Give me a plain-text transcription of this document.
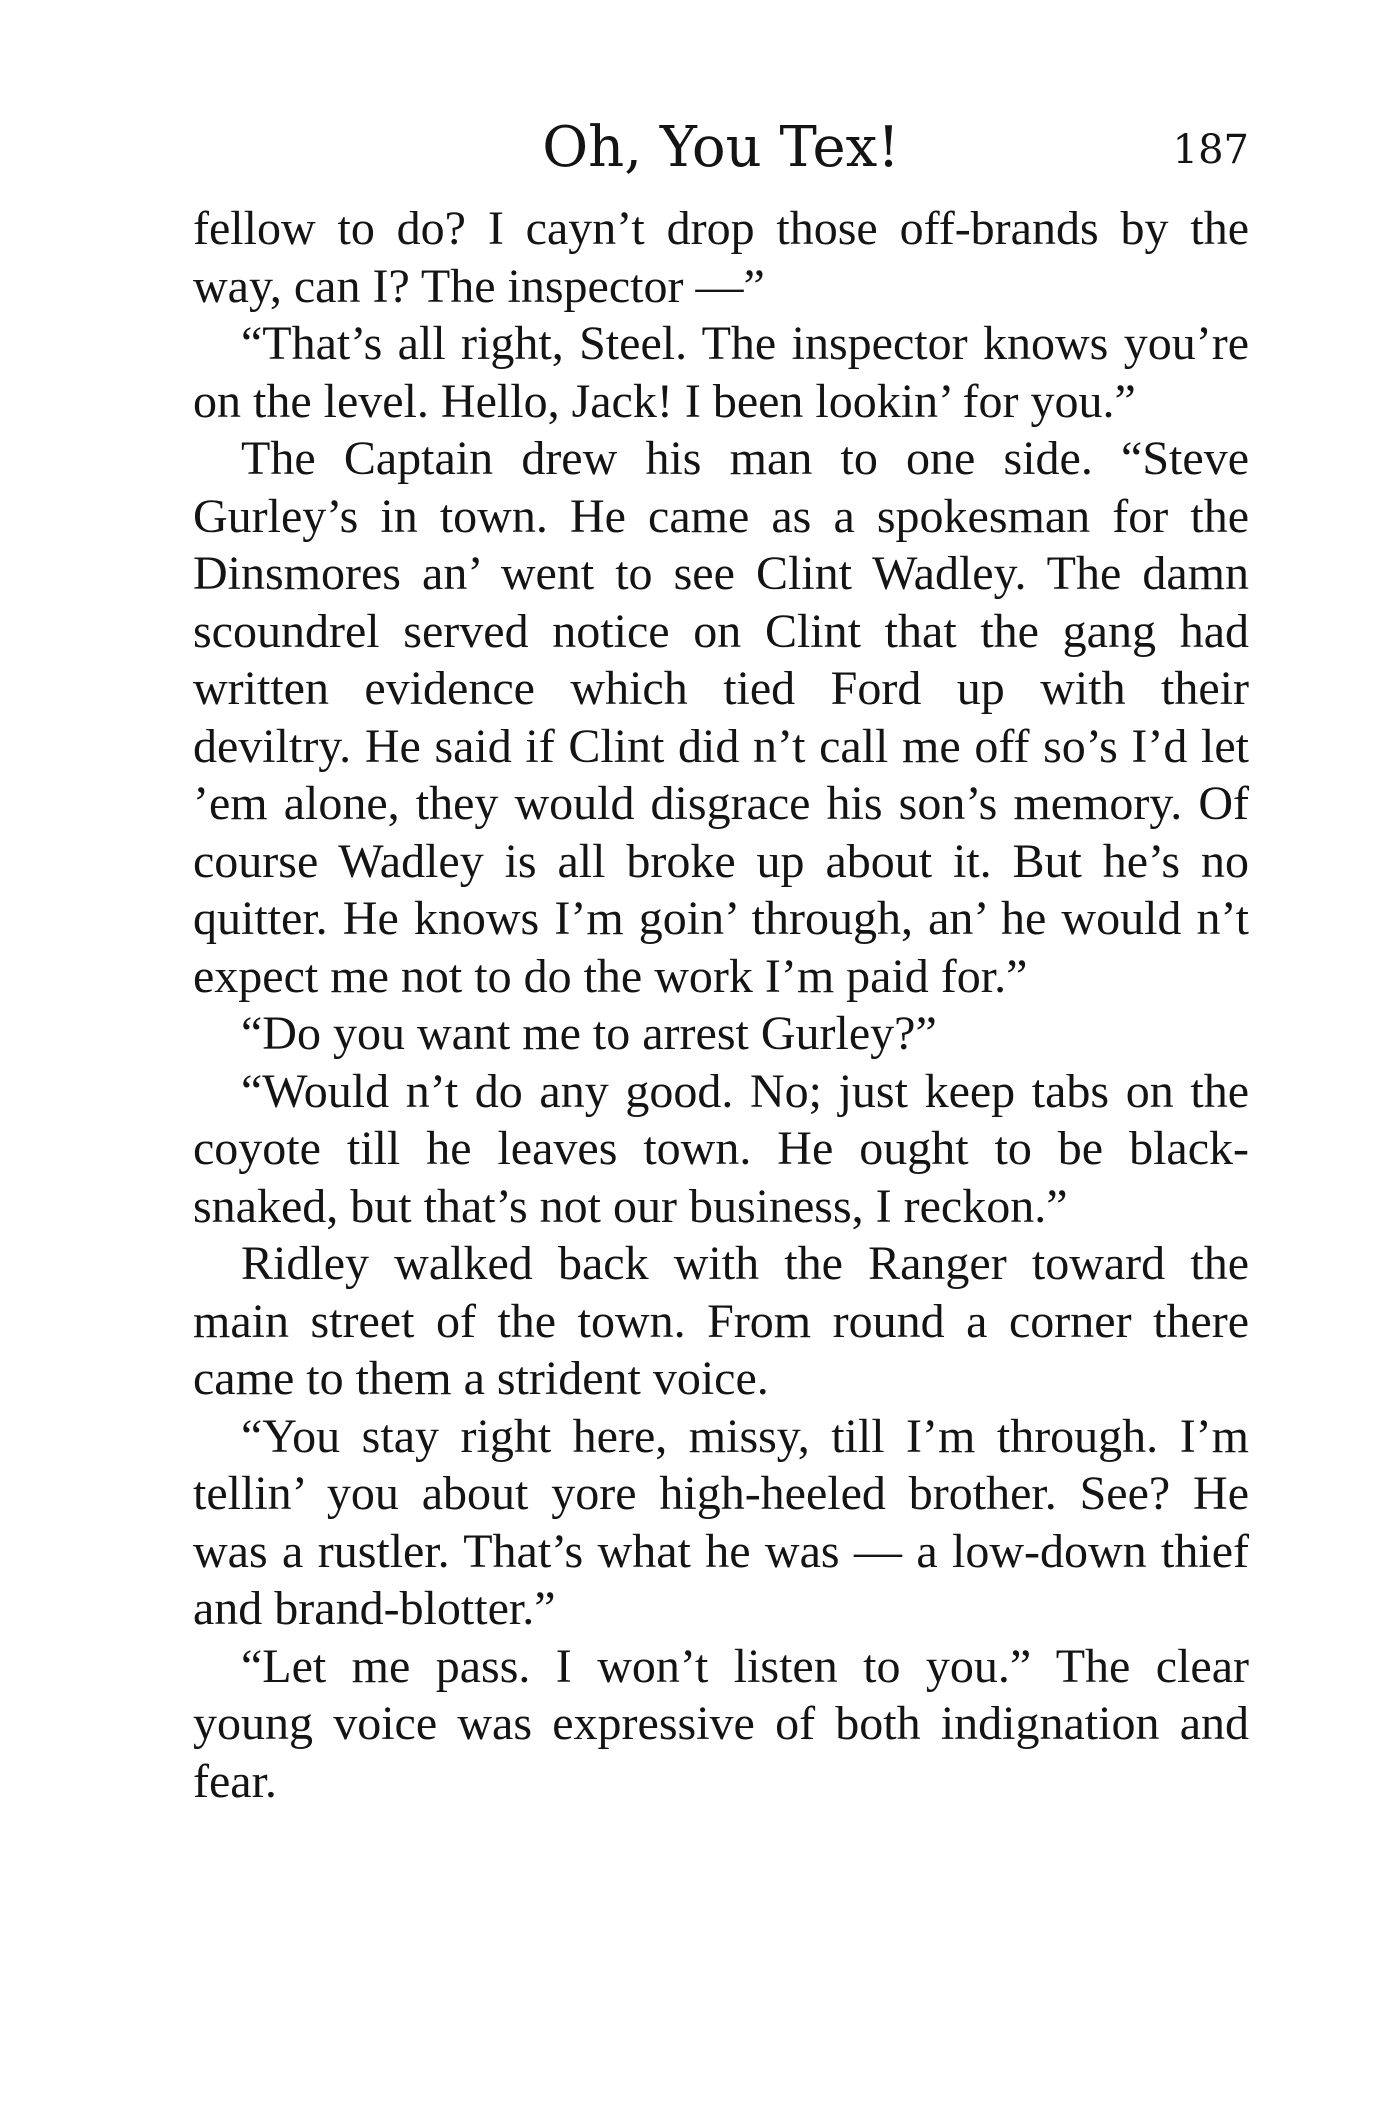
Oh, You Tex!	187

fellow to do? I cayn’t drop those off-brands by the way, can I? The inspector —”

“That’s all right, Steel. The inspector knows you’re on the level. Hello, Jack! I been lookin’ for you.”

The Captain drew his man to one side. “Steve Gurley’s in town. He came as a spokesman for the Dinsmores an’ went to see Clint Wadley. The damn scoundrel served notice on Clint that the gang had written evidence which tied Ford up with their deviltry. He said if Clint did n’t call me off so’s I’d let ’em alone, they would disgrace his son’s memory. Of course Wadley is all broke up about it. But he’s no quitter. He knows I’m goin’ through, an’ he would n’t expect me not to do the work I’m paid for.”

“Do you want me to arrest Gurley?”

“Would n’t do any good. No; just keep tabs on the coyote till he leaves town. He ought to be black-snaked, but that’s not our business, I reckon.”

Ridley walked back with the Ranger toward the main street of the town. From round a corner there came to them a strident voice.

“You stay right here, missy, till I’m through. I’m tellin’ you about yore high-heeled brother. See? He was a rustler. That’s what he was — a low-down thief and brand-blotter.”

“Let me pass. I won’t listen to you.” The clear young voice was expressive of both indignation and fear.
